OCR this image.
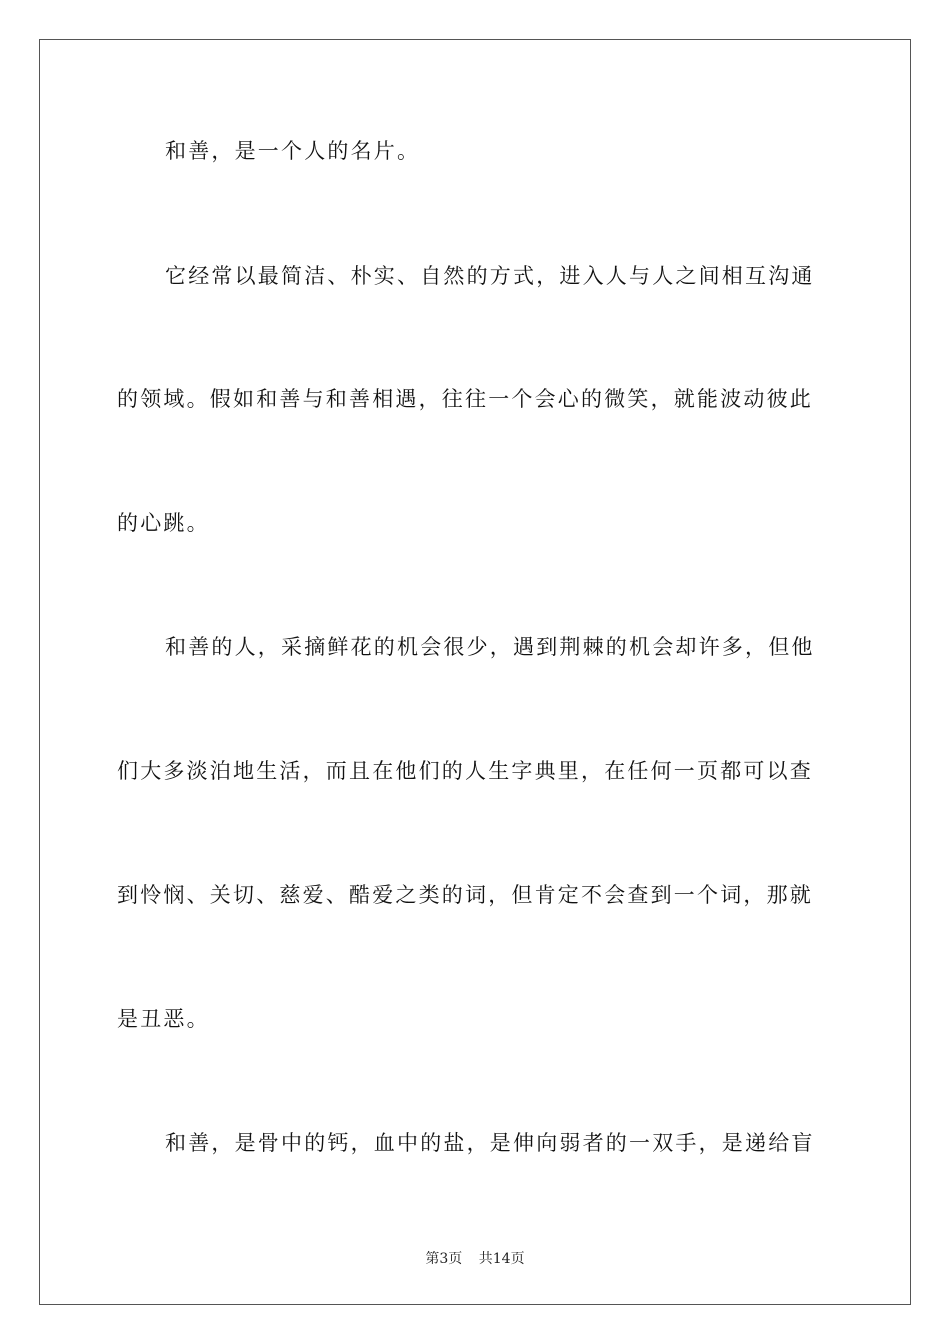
和善，是一个人的名片。
它经常以最简洁、朴实、自然的方式，进入人与人之间相互沟通
的领域。假如和善与和善相遇，往往一个会心的微笑，就能波动彼此
的心跳。
和善的人，采摘鲜花的机会很少，遇到荆棘的机会却许多，但他
们大多淡泊地生活，而且在他们的人生字典里，在任何一页都可以查
到怜悯、关切、慈爱、酷爱之类的词，但肯定不会查到一个词，那就
是丑恶。
和善，是骨中的钙，血中的盐，是伸向弱者的一双手，是递给盲
第3页 共14页
